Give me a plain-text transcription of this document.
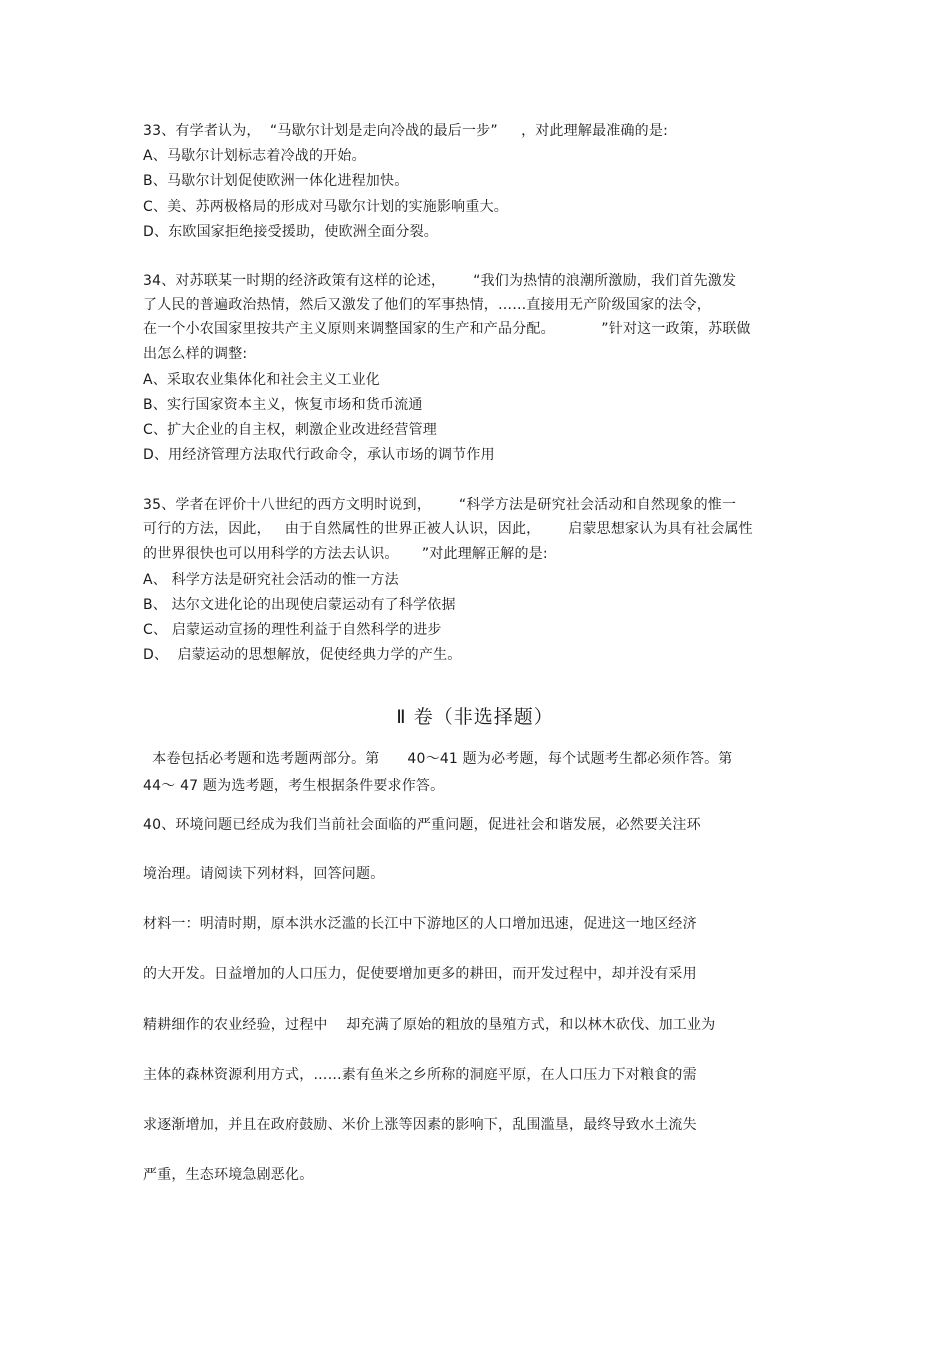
33、有学者认为，  “马歇尔计划是走向冷战的最后一步”     ，对此理解最准确的是:
A、马歇尔计划标志着冷战的开始。
B、马歇尔计划促使欧洲一体化进程加快。
C、美、苏两极格局的形成对马歇尔计划的实施影响重大。
D、东欧国家拒绝接受援助，使欧洲全面分裂。
34、对苏联某一时期的经济政策有这样的论述，      “我们为热情的浪潮所激励，我们首先激发
了人民的普遍政治热情，然后又激发了他们的军事热情，……直接用无产阶级国家的法令，
在一个小农国家里按共产主义原则来调整国家的生产和产品分配。          ”针对这一政策，苏联做
出怎么样的调整:
A、采取农业集体化和社会主义工业化
B、实行国家资本主义，恢复市场和货币流通
C、扩大企业的自主权，刺激企业改进经营管理
D、用经济管理方法取代行政命令，承认市场的调节作用
35、学者在评价十八世纪的西方文明时说到，      “科学方法是研究社会活动和自然现象的惟一
可行的方法，因此，   由于自然属性的世界正被人认识，因此，      启蒙思想家认为具有社会属性
的世界很快也可以用科学的方法去认识。     ”对此理解正解的是:
A、 科学方法是研究社会活动的惟一方法
B、 达尔文进化论的出现使启蒙运动有了科学依据
C、 启蒙运动宣扬的理性利益于自然科学的进步
D、  启蒙运动的思想解放，促使经典力学的产生。
Ⅱ 卷（非选择题）
本卷包括必考题和选考题两部分。第      40～41 题为必考题，每个试题考生都必须作答。第
44～ 47 题为选考题，考生根据条件要求作答。
40、环境问题已经成为我们当前社会面临的严重问题，促进社会和谐发展，必然要关注环
境治理。请阅读下列材料，回答问题。
材料一：明清时期，原本洪水泛滥的长江中下游地区的人口增加迅速，促进这一地区经济
的大开发。日益增加的人口压力，促使要增加更多的耕田，而开发过程中，却并没有采用
精耕细作的农业经验，过程中    却充满了原始的粗放的垦殖方式，和以林木砍伐、加工业为
主体的森林资源利用方式，……素有鱼米之乡所称的洞庭平原，在人口压力下对粮食的需
求逐渐增加，并且在政府鼓励、米价上涨等因素的影响下，乱围滥垦，最终导致水土流失
严重，生态环境急剧恶化。
